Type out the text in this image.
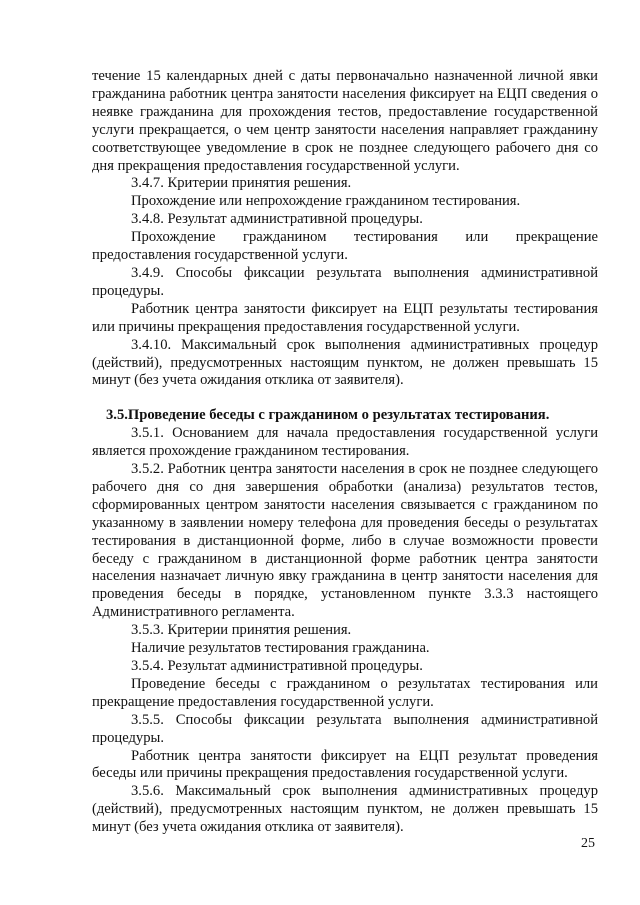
течение 15 календарных дней с даты первоначально назначенной личной явки гражданина работник центра занятости населения фиксирует на ЕЦП сведения о неявке гражданина для прохождения тестов, предоставление государственной услуги прекращается, о чем центр занятости населения направляет гражданину соответствующее уведомление в срок не позднее следующего рабочего дня со дня прекращения предоставления государственной услуги.

3.4.7. Критерии принятия решения.

Прохождение или непрохождение гражданином тестирования.

3.4.8. Результат административной процедуры.

Прохождение гражданином тестирования или прекращение предоставления государственной услуги.

3.4.9. Способы фиксации результата выполнения административной процедуры.

Работник центра занятости фиксирует на ЕЦП результаты тестирования или причины прекращения предоставления государственной услуги.

3.4.10. Максимальный срок выполнения административных процедур (действий), предусмотренных настоящим пунктом, не должен превышать 15 минут (без учета ожидания отклика от заявителя).

3.5.Проведение беседы с гражданином о результатах тестирования.

3.5.1. Основанием для начала предоставления государственной услуги является прохождение гражданином тестирования.

3.5.2. Работник центра занятости населения в срок не позднее следующего рабочего дня со дня завершения обработки (анализа) результатов тестов, сформированных центром занятости населения связывается с гражданином по указанному в заявлении номеру телефона для проведения беседы о результатах тестирования в дистанционной форме, либо в случае возможности провести беседу с гражданином в дистанционной форме работник центра занятости населения назначает личную явку гражданина в центр занятости населения для проведения беседы в порядке, установленном пункте 3.3.3 настоящего Административного регламента.

3.5.3. Критерии принятия решения.

Наличие результатов тестирования гражданина.

3.5.4. Результат административной процедуры.

Проведение беседы с гражданином о результатах тестирования или прекращение предоставления государственной услуги.

3.5.5. Способы фиксации результата выполнения административной процедуры.

Работник центра занятости фиксирует на ЕЦП результат проведения беседы или причины прекращения предоставления государственной услуги.

3.5.6. Максимальный срок выполнения административных процедур (действий), предусмотренных настоящим пунктом, не должен превышать 15 минут (без учета ожидания отклика от заявителя).

25
